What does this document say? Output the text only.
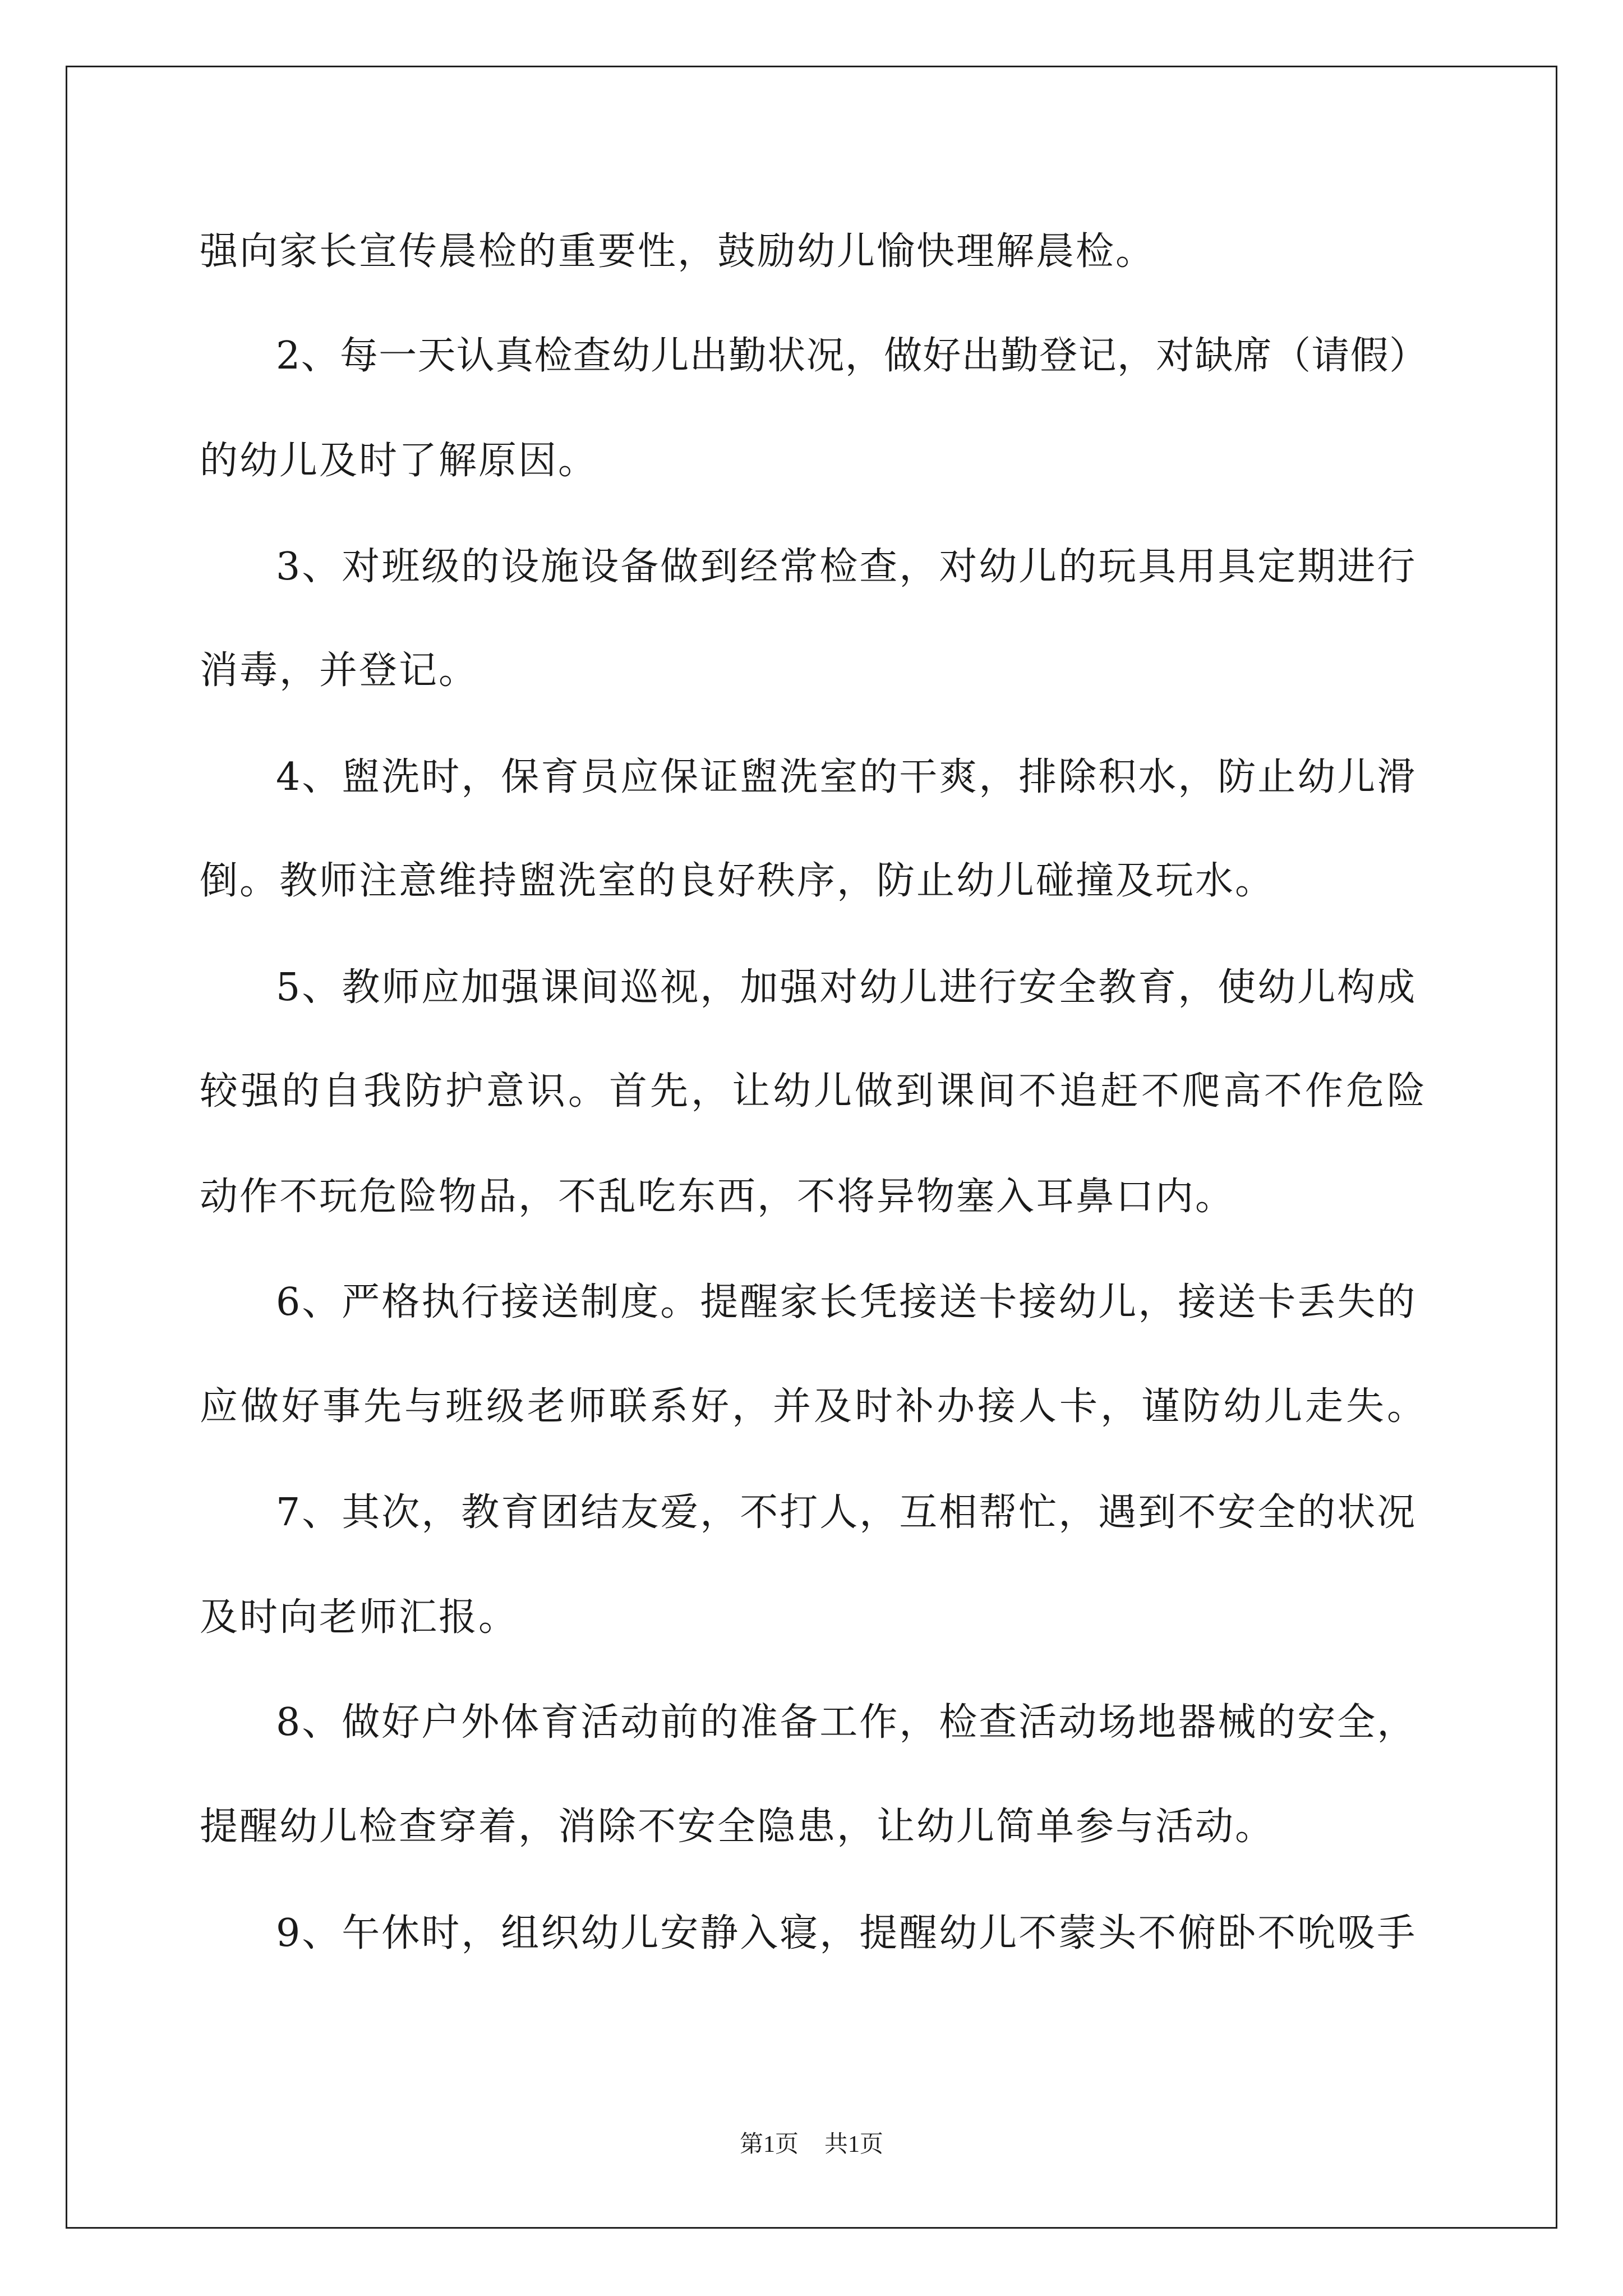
强向家长宣传晨检的重要性，鼓励幼儿愉快理解晨检。
2、每一天认真检查幼儿出勤状况，做好出勤登记，对缺席（请假）
的幼儿及时了解原因。
3、对班级的设施设备做到经常检查，对幼儿的玩具用具定期进行
消毒，并登记。
4、盥洗时，保育员应保证盥洗室的干爽，排除积水，防止幼儿滑
倒。教师注意维持盥洗室的良好秩序，防止幼儿碰撞及玩水。
5、教师应加强课间巡视，加强对幼儿进行安全教育，使幼儿构成
较强的自我防护意识。首先，让幼儿做到课间不追赶不爬高不作危险
动作不玩危险物品，不乱吃东西，不将异物塞入耳鼻口内。
6、严格执行接送制度。提醒家长凭接送卡接幼儿，接送卡丢失的
应做好事先与班级老师联系好，并及时补办接人卡，谨防幼儿走失。
7、其次，教育团结友爱，不打人，互相帮忙，遇到不安全的状况
及时向老师汇报。
8、做好户外体育活动前的准备工作，检查活动场地器械的安全，
提醒幼儿检查穿着，消除不安全隐患，让幼儿简单参与活动。
9、午休时，组织幼儿安静入寝，提醒幼儿不蒙头不俯卧不吮吸手
第1页 共1页
